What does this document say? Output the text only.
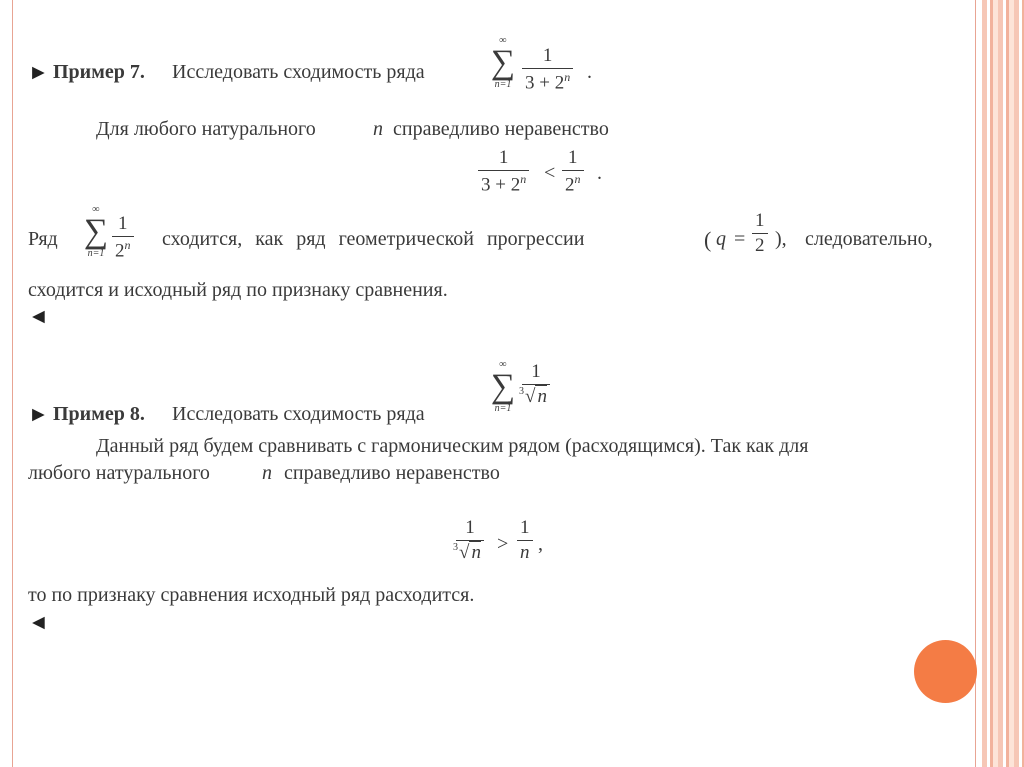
► Пример 7. Исследовать сходимость ряда
∞
∑
$n=1 \frac{1}{3 + 2^n}$ .
Для любого натурального	n справедливо неравенство
$\frac{1}{3 + 2^n} < \frac{1}{2^n}$ .
Ряд
∞
∑
$n=1 \frac{1}{2^n}$ сходится, как ряд геометрической прогрессии	( $q = \frac{1}{2}$ ), следовательно,
сходится и исходный ряд по признаку сравнения.
◄
► Пример 8. Исследовать сходимость ряда
∞
∑
n=1
$\frac{1}{3 √ n}$
Данный ряд будем сравнивать с гармоническим рядом (расходящимся). Так как для
любого натурального	n справедливо неравенство
$\frac{1}{3 √ n} > \frac{1}{n}$ ,
то по признаку сравнения исходный ряд расходится.
◄
